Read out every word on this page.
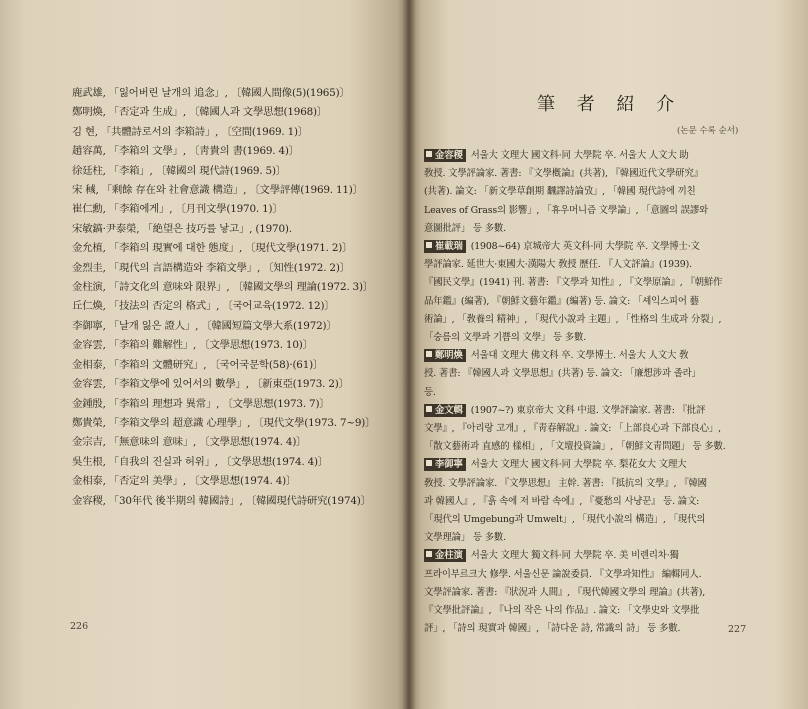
鹿武雄, 「잃어버린 날개의 追念」, 〔韓國人間像(5)(1965)〕
鄭明煥, 「否定과 生成」, 〔韓國人과 文學思想(1968)〕
김 현, 「共體詩로서의 李箱詩」, 〔空間(1969. 1)〕
趙容萬, 「李箱의 文學」, 〔靑貴의 書(1969. 4)〕
徐廷柱, 「李箱」, 〔韓國의 現代詩(1969. 5)〕
宋 稶, 「剩餘 存在와 社會意識 構造」, 〔文學評傳(1969. 11)〕
崔仁勳, 「李箱에게」, 〔月刊文學(1970. 1)〕
宋敏鎬·尹泰榮, 「絶望은 技巧를 낳고」, (1970).
金允植, 「李箱의 現實에 대한 態度」, 〔現代文學(1971. 2)〕
金烈圭, 「現代의 言語構造와 李箱文學」, 〔知性(1972. 2)〕
金柱演, 「詩文化의 意味와 限界」, 〔韓國文學의 理論(1972. 3)〕
丘仁煥, 「技法의 否定의 格式」, 〔국어교육(1972. 12)〕
李御寧, 「날개 잃은 證人」, 〔韓國短篇文學大系(1972)〕
金容雲, 「李箱의 難解性」, 〔文學思想(1973. 10)〕
金相泰, 「李箱의 文體研究」, 〔국어국문학(58)·(61)〕
金容雲, 「李箱文學에 있어서의 數學」, 〔新東亞(1973. 2)〕
金鍾殷, 「李箱의 理想과 異常」, 〔文學思想(1973. 7)〕
鄭貴榮, 「李箱文學의 超意識 心理學」, 〔現代文學(1973. 7~9)〕
金宗吉, 「無意味의 意味」, 〔文學思想(1974. 4)〕
吳生根, 「自我의 진실과 허위」, 〔文學思想(1974. 4)〕
金相泰, 「否定의 美學」, 〔文學思想(1974. 4)〕
金容稷, 「30年代 後半期의 韓國詩」, 〔韓國現代詩研究(1974)〕
226
筆 者 紹 介
(논문 수록 순서)
金容稷 서울大 文理大 國文科·同 大學院 卒. 서울大 人文大 助
敎授. 文學評論家. 著書: 『文學槪論』(共著), 『韓國近代文學研究』
(共著). 論文: 「新文學草創期 飜譯詩論攷」, 「韓國 現代詩에 끼친
Leaves of Grass의 影響」, 「휴우머니즘 文學論」, 「意圖의 誤謬와
意圖批評」 등 多數.
崔載瑞 (1908~64) 京城帝大 英文科·同 大學院 卒. 文學博士·文
學評論家. 延世大·東國大·漢陽大 敎授 歷任. 『人文評論』(1939).
『國民文學』(1941) 刊. 著書: 『文學과 知性』, 『文學原論』, 『朝鮮作
品年鑑』(編著), 『朝鮮文藝年鑑』(編著) 등. 論文: 「셰익스피어 藝
術論」, 「敎養의 精神」, 「現代小說과 主題」, 「性格의 生成과 分裂」,
「숭름의 文學과 기쁨의 文學」 등 多數.
鄭明煥 서울대 文理大 佛文科 卒. 文學博士. 서울大 人文大 敎
授. 著書: 『韓國人과 文學思想』(共著) 등. 論文: 「廉想涉과 졸라」
등.
金文輯 (1907~?) 東京帝大 文科 中退. 文學評論家. 著書: 『批評
文學』, 『아리랑 고개』, 『靑春解說』. 論文: 「上部良心과 下部良心」,
「散文藝術과 直感的 樣相」, 「文壇投資論」, 「朝鮮文靑問題」 등 多數.
李御寧 서울大 文理大 國文科·同 大學院 卒. 梨花女大 文理大
敎授. 文學評論家. 『文學思想』 主幹. 著書: 『抵抗의 文學』, 『韓國
과 韓國人』, 『흙 속에 저 바람 속에』, 『憂愁의 사냥꾼』 등. 論文:
「現代의 Umgebung과 Umwelt」, 「現代小說의 構造」, 「現代의
文學理論」 등 多數.
金柱演 서울大 文理大 獨文科·同 大學院 卒. 美 비렌리차·獨
프라이부르크大 修學. 서울신문 論說委員. 『文學과知性』 編輯同人.
文學評論家. 著書: 『狀況과 人間』, 『現代韓國文學의 理論』(共著),
『文學批評論』, 『나의 작은 나의 作品』. 論文: 「文學史와 文學批
評」, 「詩의 現實과 韓國」, 「詩다운 詩, 常識의 詩」 등 多數.	227
